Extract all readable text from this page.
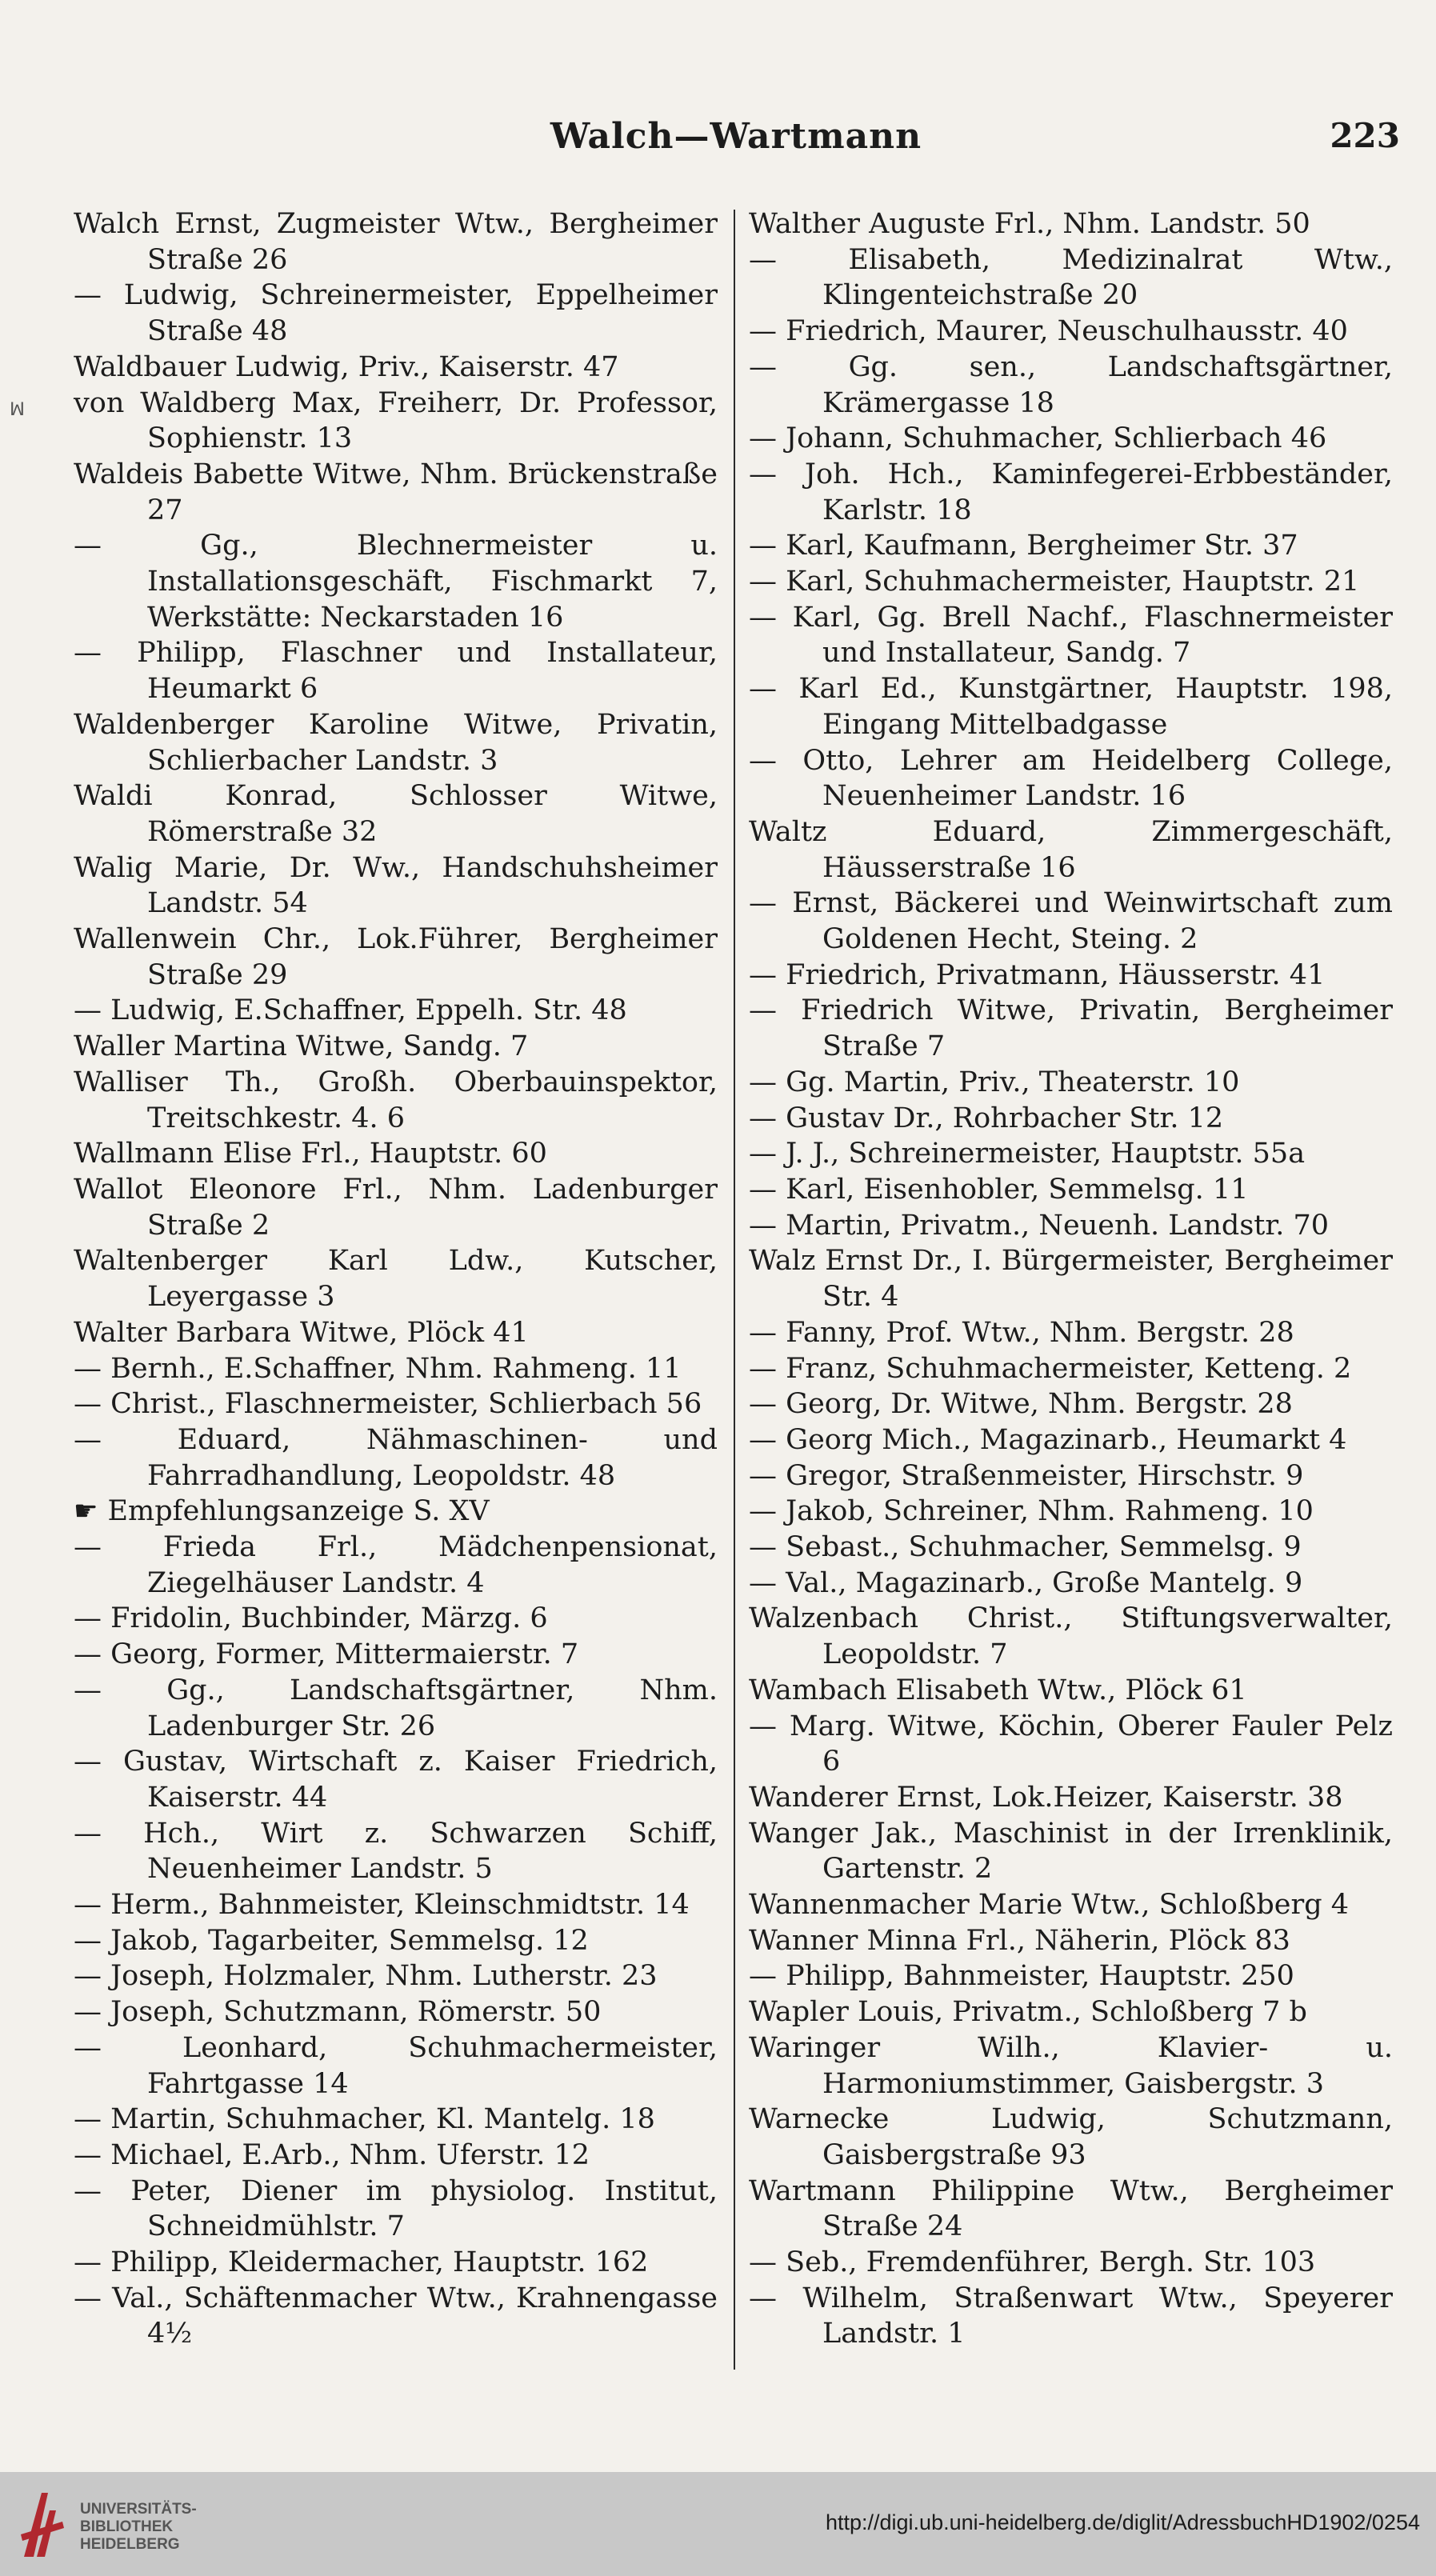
Walch—Wartmann	223
ꟽ
Walch Ernst, Zugmeister Wtw., Bergheimer Straße 26
— Ludwig, Schreinermeister, Eppelheimer Straße 48
Waldbauer Ludwig, Priv., Kaiserstr. 47
von Waldberg Max, Freiherr, Dr. Professor, Sophienstr. 13
Waldeis Babette Witwe, Nhm. Brückenstraße 27
— Gg., Blechnermeister u. Installationsgeschäft, Fischmarkt 7, Werkstätte: Neckarstaden 16
— Philipp, Flaschner und Installateur, Heumarkt 6
Waldenberger Karoline Witwe, Privatin, Schlierbacher Landstr. 3
Waldi Konrad, Schlosser Witwe, Römerstraße 32
Walig Marie, Dr. Ww., Handschuhsheimer Landstr. 54
Wallenwein Chr., Lok.Führer, Bergheimer Straße 29
— Ludwig, E.Schaffner, Eppelh. Str. 48
Waller Martina Witwe, Sandg. 7
Walliser Th., Großh. Oberbauinspektor, Treitschkestr. 4. 6
Wallmann Elise Frl., Hauptstr. 60
Wallot Eleonore Frl., Nhm. Ladenburger Straße 2
Waltenberger Karl Ldw., Kutscher, Leyergasse 3
Walter Barbara Witwe, Plöck 41
— Bernh., E.Schaffner, Nhm. Rahmeng. 11
— Christ., Flaschnermeister, Schlierbach 56
— Eduard, Nähmaschinen- und Fahrradhandlung, Leopoldstr. 48
☛ Empfehlungsanzeige S. XV
— Frieda Frl., Mädchenpensionat, Ziegelhäuser Landstr. 4
— Fridolin, Buchbinder, Märzg. 6
— Georg, Former, Mittermaierstr. 7
— Gg., Landschaftsgärtner, Nhm. Ladenburger Str. 26
— Gustav, Wirtschaft z. Kaiser Friedrich, Kaiserstr. 44
— Hch., Wirt z. Schwarzen Schiff, Neuenheimer Landstr. 5
— Herm., Bahnmeister, Kleinschmidtstr. 14
— Jakob, Tagarbeiter, Semmelsg. 12
— Joseph, Holzmaler, Nhm. Lutherstr. 23
— Joseph, Schutzmann, Römerstr. 50
— Leonhard, Schuhmachermeister, Fahrtgasse 14
— Martin, Schuhmacher, Kl. Mantelg. 18
— Michael, E.Arb., Nhm. Uferstr. 12
— Peter, Diener im physiolog. Institut, Schneidmühlstr. 7
— Philipp, Kleidermacher, Hauptstr. 162
— Val., Schäftenmacher Wtw., Krahnengasse 4½
Walther Auguste Frl., Nhm. Landstr. 50
— Elisabeth, Medizinalrat Wtw., Klingenteichstraße 20
— Friedrich, Maurer, Neuschulhausstr. 40
— Gg. sen., Landschaftsgärtner, Krämergasse 18
— Johann, Schuhmacher, Schlierbach 46
— Joh. Hch., Kaminfegerei-Erbbeständer, Karlstr. 18
— Karl, Kaufmann, Bergheimer Str. 37
— Karl, Schuhmachermeister, Hauptstr. 21
— Karl, Gg. Brell Nachf., Flaschnermeister und Installateur, Sandg. 7
— Karl Ed., Kunstgärtner, Hauptstr. 198, Eingang Mittelbadgasse
— Otto, Lehrer am Heidelberg College, Neuenheimer Landstr. 16
Waltz Eduard, Zimmergeschäft, Häusserstraße 16
— Ernst, Bäckerei und Weinwirtschaft zum Goldenen Hecht, Steing. 2
— Friedrich, Privatmann, Häusserstr. 41
— Friedrich Witwe, Privatin, Bergheimer Straße 7
— Gg. Martin, Priv., Theaterstr. 10
— Gustav Dr., Rohrbacher Str. 12
— J. J., Schreinermeister, Hauptstr. 55a
— Karl, Eisenhobler, Semmelsg. 11
— Martin, Privatm., Neuenh. Landstr. 70
Walz Ernst Dr., I. Bürgermeister, Bergheimer Str. 4
— Fanny, Prof. Wtw., Nhm. Bergstr. 28
— Franz, Schuhmachermeister, Ketteng. 2
— Georg, Dr. Witwe, Nhm. Bergstr. 28
— Georg Mich., Magazinarb., Heumarkt 4
— Gregor, Straßenmeister, Hirschstr. 9
— Jakob, Schreiner, Nhm. Rahmeng. 10
— Sebast., Schuhmacher, Semmelsg. 9
— Val., Magazinarb., Große Mantelg. 9
Walzenbach Christ., Stiftungsverwalter, Leopoldstr. 7
Wambach Elisabeth Wtw., Plöck 61
— Marg. Witwe, Köchin, Oberer Fauler Pelz 6
Wanderer Ernst, Lok.Heizer, Kaiserstr. 38
Wanger Jak., Maschinist in der Irrenklinik, Gartenstr. 2
Wannenmacher Marie Wtw., Schloßberg 4
Wanner Minna Frl., Näherin, Plöck 83
— Philipp, Bahnmeister, Hauptstr. 250
Wapler Louis, Privatm., Schloßberg 7 b
Waringer Wilh., Klavier- u. Harmoniumstimmer, Gaisbergstr. 3
Warnecke Ludwig, Schutzmann, Gaisbergstraße 93
Wartmann Philippine Wtw., Bergheimer Straße 24
— Seb., Fremdenführer, Bergh. Str. 103
— Wilhelm, Straßenwart Wtw., Speyerer Landstr. 1
UNIVERSITÄTS-
BIBLIOTHEK
HEIDELBERG
http://digi.ub.uni-heidelberg.de/diglit/AdressbuchHD1902/0254
